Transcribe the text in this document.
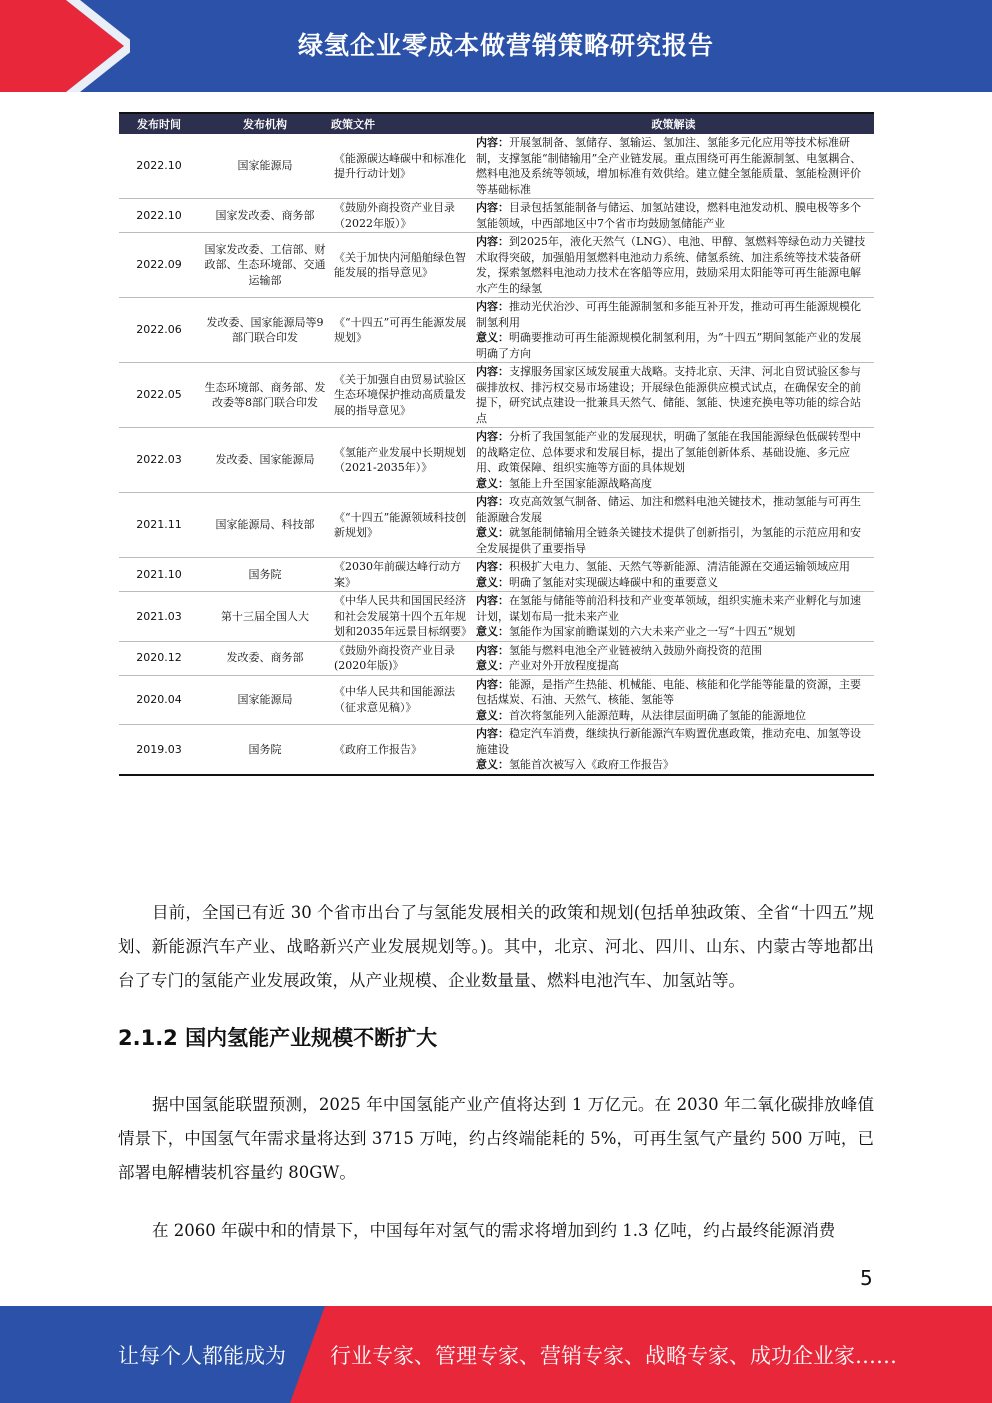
绿氢企业零成本做营销策略研究报告
发布时间	发布机构	政策文件	政策解读
2022.10	国家能源局	《能源碳达峰碳中和标准化提升行动计划》	内容：开展氢制备、氢储存、氢输运、氢加注、氢能多元化应用等技术标准研制，支撑氢能“制储输用”全产业链发展。重点围绕可再生能源制氢、电氢耦合、燃料电池及系统等领域，增加标准有效供给。建立健全氢能质量、氢能检测评价等基础标准

2022.10	国家发改委、商务部	《鼓励外商投资产业目录（2022年版）》	内容：目录包括氢能制备与储运、加氢站建设，燃料电池发动机、膜电极等多个氢能领域，中西部地区中7个省市均鼓励氢储能产业

2022.09	国家发改委、工信部、财政部、生态环境部、交通运输部	《关于加快内河船舶绿色智能发展的指导意见》	内容：到2025年，液化天然气（LNG）、电池、甲醇、氢燃料等绿色动力关键技术取得突破，加强船用氢燃料电池动力系统、储氢系统、加注系统等技术装备研发，探索氢燃料电池动力技术在客船等应用，鼓励采用太阳能等可再生能源电解水产生的绿氢

2022.06	发改委、国家能源局等9部门联合印发	《“十四五”可再生能源发展规划》	内容：推动光伏治沙、可再生能源制氢和多能互补开发，推动可再生能源规模化制氢利用
意义：明确要推动可再生能源规模化制氢利用，为“十四五”期间氢能产业的发展明确了方向

2022.05	生态环境部、商务部、发改委等8部门联合印发	《关于加强自由贸易试验区生态环境保护推动高质量发展的指导意见》	内容：支撑服务国家区域发展重大战略。支持北京、天津、河北自贸试验区参与碳排放权、排污权交易市场建设；开展绿色能源供应模式试点，在确保安全的前提下，研究试点建设一批兼具天然气、储能、氢能、快速充换电等功能的综合站点

2022.03	发改委、国家能源局	《氢能产业发展中长期规划（2021-2035年）》	内容：分析了我国氢能产业的发展现状，明确了氢能在我国能源绿色低碳转型中的战略定位、总体要求和发展目标，提出了氢能创新体系、基础设施、多元应用、政策保障、组织实施等方面的具体规划
意义：氢能上升至国家能源战略高度

2021.11	国家能源局、科技部	《“十四五”能源领域科技创新规划》	内容：攻克高效氢气制备、储运、加注和燃料电池关键技术，推动氢能与可再生能源融合发展
意义：就氢能制储输用全链条关键技术提供了创新指引，为氢能的示范应用和安全发展提供了重要指导

2021.10	国务院	《2030年前碳达峰行动方案》	内容：积极扩大电力、氢能、天然气等新能源、清洁能源在交通运输领域应用
意义：明确了氢能对实现碳达峰碳中和的重要意义

2021.03	第十三届全国人大	《中华人民共和国国民经济和社会发展第十四个五年规划和2035年远景目标纲要》	内容：在氢能与储能等前沿科技和产业变革领域，组织实施未来产业孵化与加速计划，谋划布局一批未来产业
意义：氢能作为国家前瞻谋划的六大未来产业之一写“十四五”规划

2020.12	发改委、商务部	《鼓励外商投资产业目录(2020年版)》	内容：氢能与燃料电池全产业链被纳入鼓励外商投资的范围
意义：产业对外开放程度提高

2020.04	国家能源局	《中华人民共和国能源法（征求意见稿）》	内容：能源，是指产生热能、机械能、电能、核能和化学能等能量的资源，主要包括煤炭、石油、天然气、核能、氢能等
意义：首次将氢能列入能源范畴，从法律层面明确了氢能的能源地位

2019.03	国务院	《政府工作报告》	内容：稳定汽车消费，继续执行新能源汽车购置优惠政策，推动充电、加氢等设施建设
意义：氢能首次被写入《政府工作报告》

目前，全国已有近 30 个省市出台了与氢能发展相关的政策和规划(包括单独政策、全省“十四五”规划、新能源汽车产业、战略新兴产业发展规划等。)。其中，北京、河北、四川、山东、内蒙古等地都出台了专门的氢能产业发展政策，从产业规模、企业数量量、燃料电池汽车、加氢站等。

2.1.2 国内氢能产业规模不断扩大

据中国氢能联盟预测，2025 年中国氢能产业产值将达到 1 万亿元。在 2030 年二氧化碳排放峰值情景下，中国氢气年需求量将达到 3715 万吨，约占终端能耗的 5%，可再生氢气产量约 500 万吨，已部署电解槽装机容量约 80GW。

在 2060 年碳中和的情景下，中国每年对氢气的需求将增加到约 1.3 亿吨，约占最终能源消费

5
让每个人都能成为 行业专家、管理专家、营销专家、战略专家、成功企业家……
